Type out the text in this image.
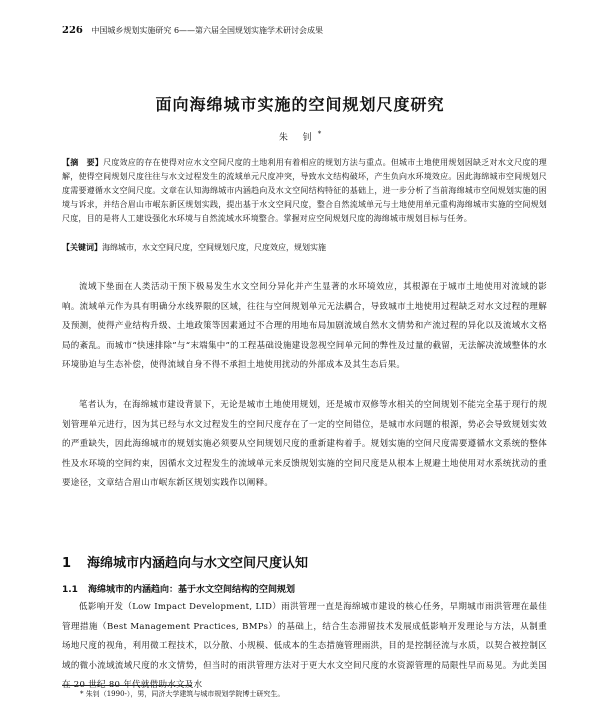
226 中国城乡规划实施研究 6——第六届全国规划实施学术研讨会成果
面向海绵城市实施的空间规划尺度研究
朱 钊*
【摘　要】尺度效应的存在使得对应水文空间尺度的土地利用有着相应的规划方法与重点。但城市土地使用规划因缺乏对水文尺度的理解，使得空间规划尺度往往与水文过程发生的流域单元尺度冲突，导致水文结构破坏，产生负向水环境效应。因此海绵城市空间规划尺度需要遵循水文空间尺度。文章在认知海绵城市内涵趋向及水文空间结构特征的基础上，进一步分析了当前海绵城市空间规划实施的困境与诉求，并结合眉山市岷东新区规划实践，提出基于水文空间尺度，整合自然流域单元与土地使用单元重构海绵城市实施的空间规划尺度，目的是将人工建设强化水环境与自然流域水环境整合。掌握对应空间规划尺度的海绵城市规划目标与任务。
【关键词】海绵城市，水文空间尺度，空间规划尺度，尺度效应，规划实施
流域下垫面在人类活动干预下极易发生水文空间分异化并产生显著的水环境效应，其根源在于城市土地使用对流域的影响。流域单元作为具有明确分水线界限的区域，往往与空间规划单元无法耦合，导致城市土地使用过程缺乏对水文过程的理解及预测，使得产业结构升级、土地政策等因素通过不合理的用地布局加剧流域自然水文情势和产流过程的异化以及流域水文格局的紊乱。而城市“快速排除”与“末端集中”的工程基础设施建设忽视空间单元间的弊性及过量的截留，无法解决流域整体的水环境胁迫与生态补偿，使得流域自身不得不承担土地使用扰动的外部成本及其生态后果。
笔者认为，在海绵城市建设背景下，无论是城市土地使用规划，还是城市双修等水相关的空间规划不能完全基于现行的规划管理单元进行，因为其已经与水文过程发生的空间尺度存在了一定的空间错位，是城市水问题的根源，势必会导致规划实效的严重缺失，因此海绵城市的规划实施必须要从空间规划尺度的重新建构着手。规划实施的空间尺度需要遵循水文系统的整体性及水环境的空间约束，因循水文过程发生的流域单元来反馈规划实施的空间尺度是从根本上规避土地使用对水系统扰动的重要途径，文章结合眉山市岷东新区规划实践作以阐释。
1 海绵城市内涵趋向与水文空间尺度认知
1.1 海绵城市的内涵趋向：基于水文空间结构的空间规划
低影响开发（Low Impact Development, LID）雨洪管理一直是海绵城市建设的核心任务，早期城市雨洪管理在最佳管理措施（Best Management Practices, BMPs）的基础上，结合生态滞留技术发展成低影响开发理论与方法，从制重场地尺度的视角，利用微工程技术，以分散、小规模、低成本的生态措施管理雨洪，目的是控制径流与水质，以契合被控制区域的微小流域流域尺度的水文情势，但当时的雨洪管理方法对于更大水文空间尺度的水资源管理的局限性早而易见。为此美国在 20 世纪 80 年代就借助水文及水
* 朱钊（1990-），男，同济大学建筑与城市规划学院博士研究生。
